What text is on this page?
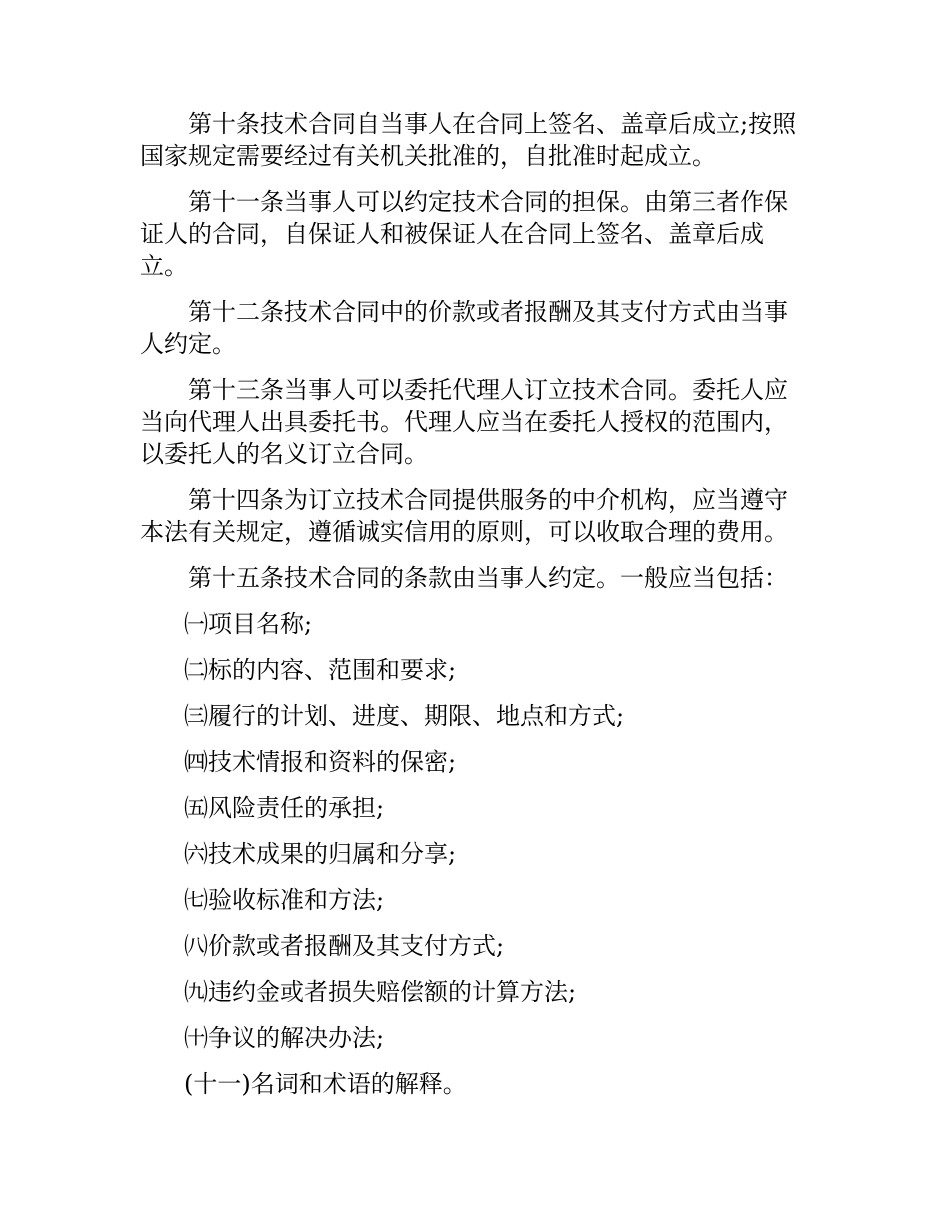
第十条技术合同自当事人在合同上签名、盖章后成立;按照国家规定需要经过有关机关批准的，自批准时起成立。

第十一条当事人可以约定技术合同的担保。由第三者作保证人的合同，自保证人和被保证人在合同上签名、盖章后成立。

第十二条技术合同中的价款或者报酬及其支付方式由当事人约定。

第十三条当事人可以委托代理人订立技术合同。委托人应当向代理人出具委托书。代理人应当在委托人授权的范围内，以委托人的名义订立合同。

第十四条为订立技术合同提供服务的中介机构，应当遵守本法有关规定，遵循诚实信用的原则，可以收取合理的费用。

第十五条技术合同的条款由当事人约定。一般应当包括：

㈠项目名称;
㈡标的内容、范围和要求;
㈢履行的计划、进度、期限、地点和方式;
㈣技术情报和资料的保密;
㈤风险责任的承担;
㈥技术成果的归属和分享;
㈦验收标准和方法;
㈧价款或者报酬及其支付方式;
㈨违约金或者损失赔偿额的计算方法;
㈩争议的解决办法;
(十一)名词和术语的解释。
